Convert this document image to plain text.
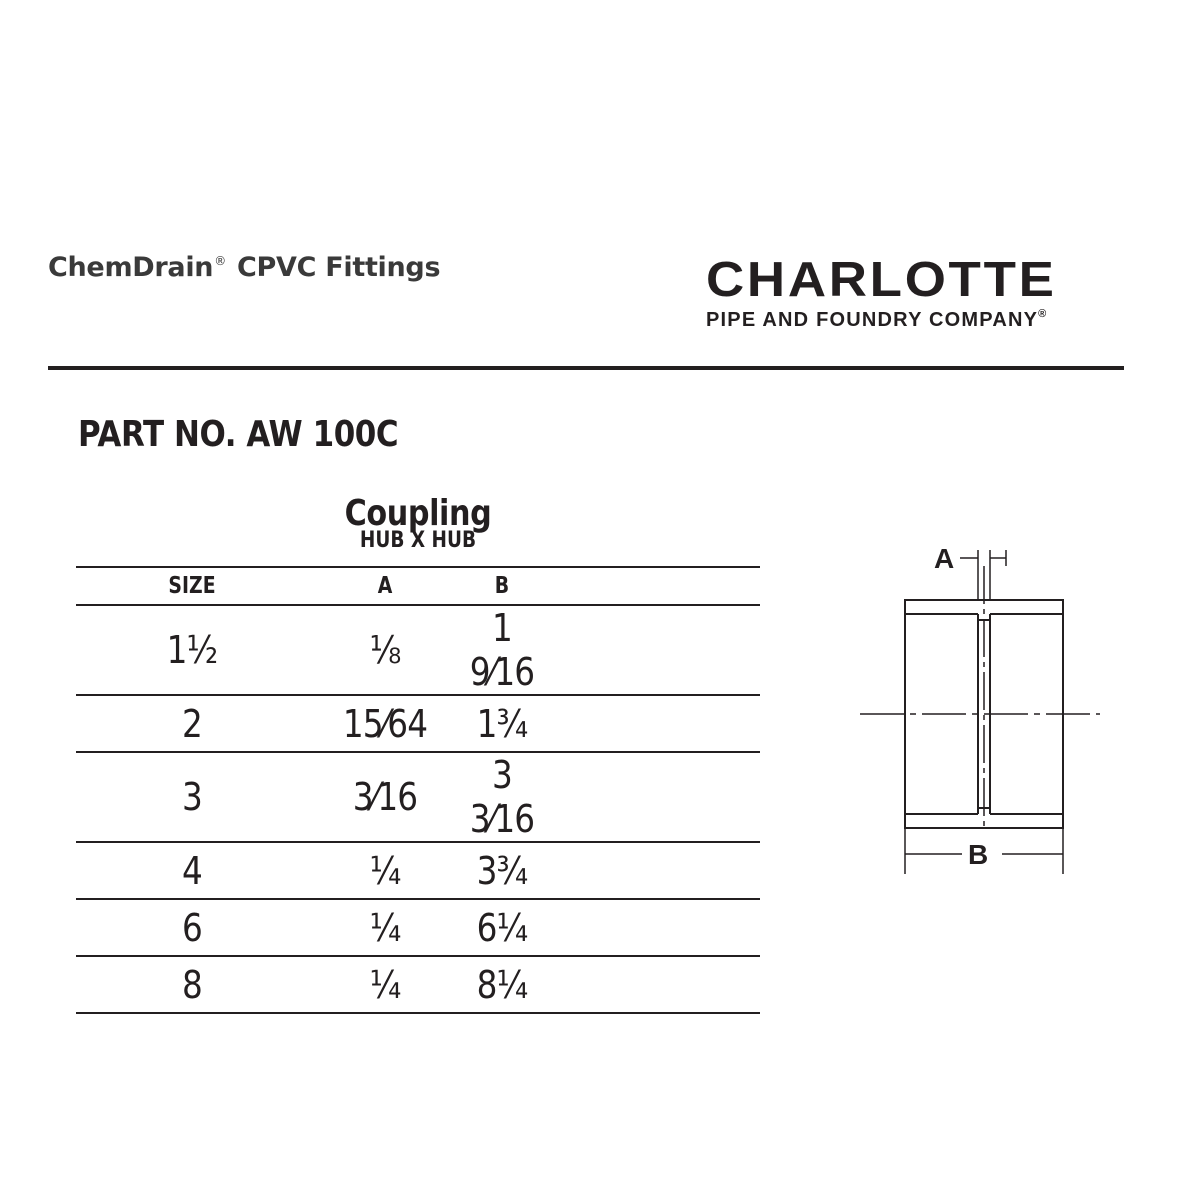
ChemDrain® CPVC Fittings	CHARLOTTE
PIPE AND FOUNDRY COMPANY®
PART NO. AW 100C
Coupling
HUB X HUB
SIZE	A	B	
1½	⅛	1 9⁄16	
2	15⁄64	1¾	
3	3⁄16	3 3⁄16	
4	¼	3¾	
6	¼	6¼	
8	¼	8¼	
A
B
